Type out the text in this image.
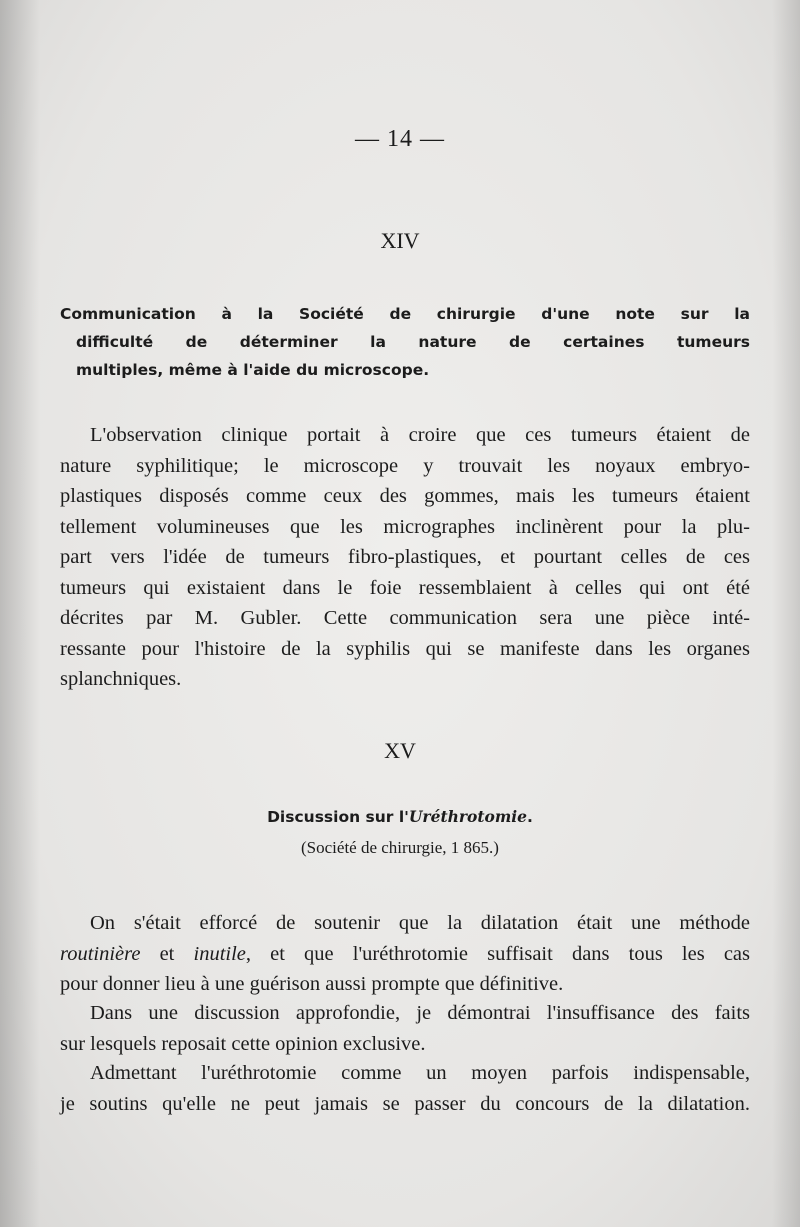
— 14 —
XIV
Communication à la Société de chirurgie d'une note sur la
difficulté de déterminer la nature de certaines tumeurs
multiples, même à l'aide du microscope.
L'observation clinique portait à croire que ces tumeurs étaient de
nature syphilitique; le microscope y trouvait les noyaux embryo-
plastiques disposés comme ceux des gommes, mais les tumeurs étaient
tellement volumineuses que les micrographes inclinèrent pour la plu-
part vers l'idée de tumeurs fibro-plastiques, et pourtant celles de ces
tumeurs qui existaient dans le foie ressemblaient à celles qui ont été
décrites par M. Gubler. Cette communication sera une pièce inté-
ressante pour l'histoire de la syphilis qui se manifeste dans les organes
splanchniques.
XV
Discussion sur l'Uréthrotomie.
(Société de chirurgie, 1 865.)
On s'était efforcé de soutenir que la dilatation était une méthode
routinière et inutile, et que l'uréthrotomie suffisait dans tous les cas
pour donner lieu à une guérison aussi prompte que définitive.
Dans une discussion approfondie, je démontrai l'insuffisance des faits
sur lesquels reposait cette opinion exclusive.
Admettant l'uréthrotomie comme un moyen parfois indispensable,
je soutins qu'elle ne peut jamais se passer du concours de la dilatation.
